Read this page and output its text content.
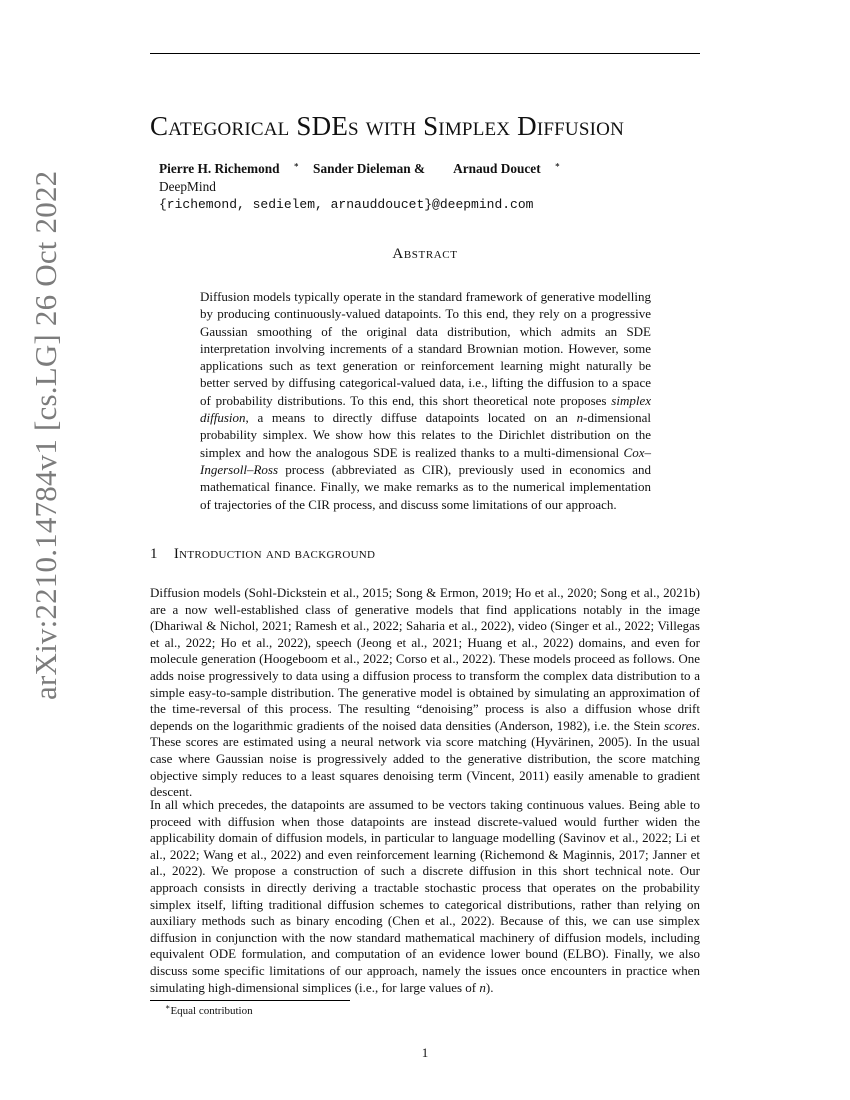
arXiv:2210.14784v1 [cs.LG] 26 Oct 2022
Categorical SDEs with Simplex Diffusion
Pierre H. Richemond ∗ Sander Dieleman & Arnaud Doucet ∗
DeepMind
{richemond, sedielem, arnauddoucet}@deepmind.com
Abstract

Diffusion models typically operate in the standard framework of generative modelling by producing continuously-valued datapoints. To this end, they rely on a progressive Gaussian smoothing of the original data distribution, which admits an SDE interpretation involving increments of a standard Brownian motion. However, some applications such as text generation or reinforcement learning might naturally be better served by diffusing categorical-valued data, i.e., lifting the diffusion to a space of probability distributions. To this end, this short theoretical note proposes simplex diffusion, a means to directly diffuse datapoints located on an n-dimensional probability simplex. We show how this relates to the Dirichlet distribution on the simplex and how the analogous SDE is realized thanks to a multi-dimensional Cox–Ingersoll–Ross process (abbreviated as CIR), previously used in economics and mathematical finance. Finally, we make remarks as to the numerical implementation of trajectories of the CIR process, and discuss some limitations of our approach.

1 Introduction and background

Diffusion models (Sohl-Dickstein et al., 2015; Song & Ermon, 2019; Ho et al., 2020; Song et al., 2021b) are a now well-established class of generative models that find applications notably in the image (Dhariwal & Nichol, 2021; Ramesh et al., 2022; Saharia et al., 2022), video (Singer et al., 2022; Villegas et al., 2022; Ho et al., 2022), speech (Jeong et al., 2021; Huang et al., 2022) domains, and even for molecule generation (Hoogeboom et al., 2022; Corso et al., 2022). These models proceed as follows. One adds noise progressively to data using a diffusion process to transform the complex data distribution to a simple easy-to-sample distribution. The generative model is obtained by simulating an approximation of the time-reversal of this process. The resulting “denoising” process is also a diffusion whose drift depends on the logarithmic gradients of the noised data densities (Anderson, 1982), i.e. the Stein scores. These scores are estimated using a neural network via score matching (Hyvärinen, 2005). In the usual case where Gaussian noise is progressively added to the generative distribution, the score matching objective simply reduces to a least squares denoising term (Vincent, 2011) easily amenable to gradient descent.

In all which precedes, the datapoints are assumed to be vectors taking continuous values. Being able to proceed with diffusion when those datapoints are instead discrete-valued would further widen the applicability domain of diffusion models, in particular to language modelling (Savinov et al., 2022; Li et al., 2022; Wang et al., 2022) and even reinforcement learning (Richemond & Maginnis, 2017; Janner et al., 2022). We propose a construction of such a discrete diffusion in this short technical note. Our approach consists in directly deriving a tractable stochastic process that operates on the probability simplex itself, lifting traditional diffusion schemes to categorical distributions, rather than relying on auxiliary methods such as binary encoding (Chen et al., 2022). Because of this, we can use simplex diffusion in conjunction with the now standard mathematical machinery of diffusion models, including equivalent ODE formulation, and computation of an evidence lower bound (ELBO). Finally, we also discuss some specific limitations of our approach, namely the issues once encounters in practice when simulating high-dimensional simplices (i.e., for large values of n).

∗Equal contribution
1
